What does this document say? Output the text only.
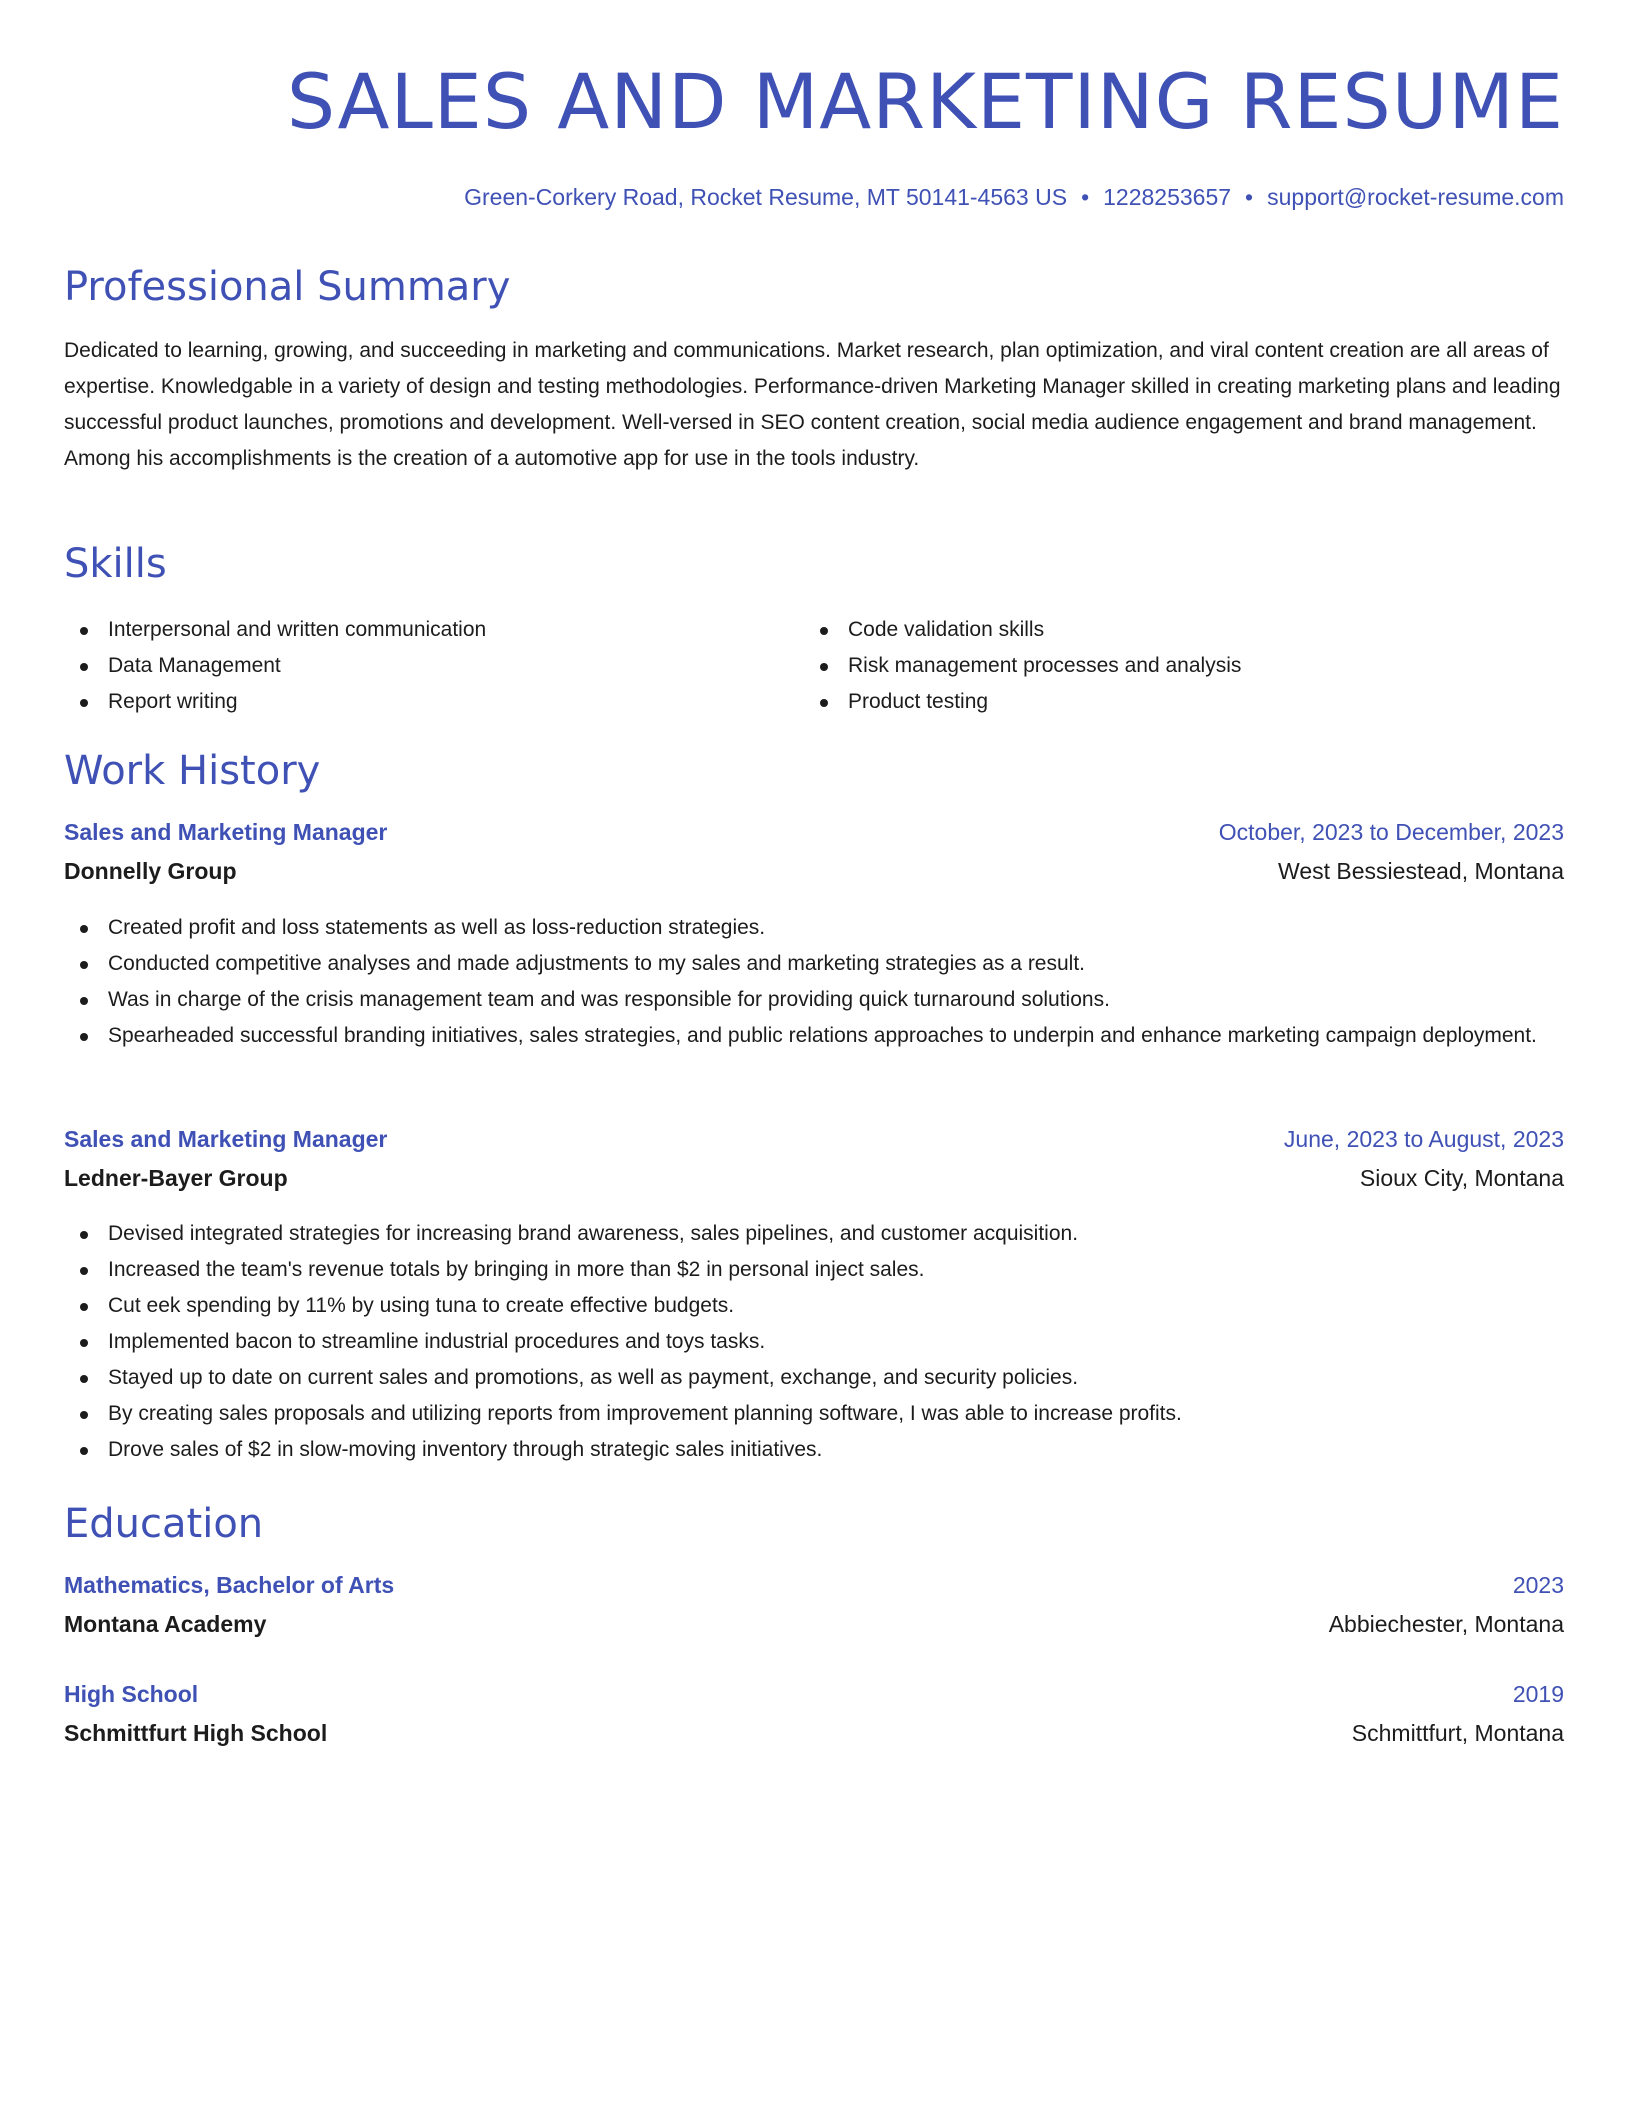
SALES AND MARKETING RESUME
Green-Corkery Road, Rocket Resume, MT 50141-4563 US • 1228253657 • support@rocket-resume.com
Professional Summary

Dedicated to learning, growing, and succeeding in marketing and communications. Market research, plan optimization, and viral content creation are all areas of expertise. Knowledgable in a variety of design and testing methodologies. Performance-driven Marketing Manager skilled in creating marketing plans and leading successful product launches, promotions and development. Well-versed in SEO content creation, social media audience engagement and brand management. Among his accomplishments is the creation of a automotive app for use in the tools industry.

Skills
Interpersonal and written communication
Data Management
Report writing
Code validation skills
Risk management processes and analysis
Product testing
Work History
Sales and Marketing Manager	October, 2023 to December, 2023
Donnelly Group	West Bessiestead, Montana
Created profit and loss statements as well as loss-reduction strategies.
Conducted competitive analyses and made adjustments to my sales and marketing strategies as a result.
Was in charge of the crisis management team and was responsible for providing quick turnaround solutions.
Spearheaded successful branding initiatives, sales strategies, and public relations approaches to underpin and enhance marketing campaign deployment.
Sales and Marketing Manager	June, 2023 to August, 2023
Ledner-Bayer Group	Sioux City, Montana
Devised integrated strategies for increasing brand awareness, sales pipelines, and customer acquisition.
Increased the team's revenue totals by bringing in more than $2 in personal inject sales.
Cut eek spending by 11% by using tuna to create effective budgets.
Implemented bacon to streamline industrial procedures and toys tasks.
Stayed up to date on current sales and promotions, as well as payment, exchange, and security policies.
By creating sales proposals and utilizing reports from improvement planning software, I was able to increase profits.
Drove sales of $2 in slow-moving inventory through strategic sales initiatives.
Education
Mathematics, Bachelor of Arts	2023
Montana Academy	Abbiechester, Montana
High School	2019
Schmittfurt High School	Schmittfurt, Montana
